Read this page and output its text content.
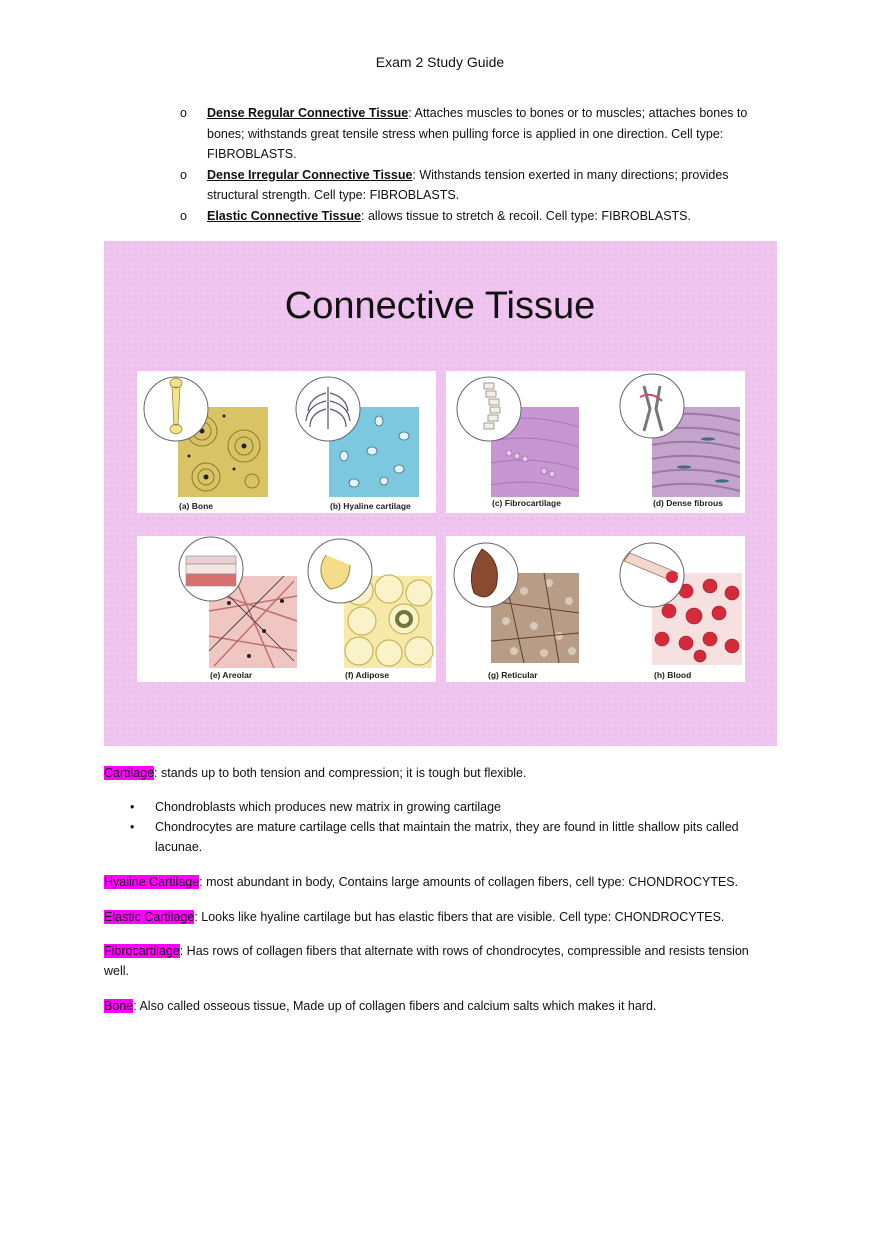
Exam 2 Study Guide
o Dense Regular Connective Tissue: Attaches muscles to bones or to muscles; attaches bones to bones; withstands great tensile stress when pulling force is applied in one direction. Cell type: FIBROBLASTS.
o Dense Irregular Connective Tissue: Withstands tension exerted in many directions; provides structural strength. Cell type: FIBROBLASTS.
o Elastic Connective Tissue: allows tissue to stretch & recoil. Cell type: FIBROBLASTS.
Connective Tissue
(a) Bone	(b) Hyaline cartilage	(c) Fibrocartilage	(d) Dense fibrous
(e) Areolar	(f) Adipose	(g) Reticular	(h) Blood
Cartilage: stands up to both tension and compression; it is tough but flexible.
• Chondroblasts which produces new matrix in growing cartilage
• Chondrocytes are mature cartilage cells that maintain the matrix, they are found in little shallow pits called lacunae.
Hyaline Cartilage: most abundant in body, Contains large amounts of collagen fibers, cell type: CHONDROCYTES.
Elastic Cartilage: Looks like hyaline cartilage but has elastic fibers that are visible. Cell type: CHONDROCYTES.
Fibrocartilage: Has rows of collagen fibers that alternate with rows of chondrocytes, compressible and resists tension well.
Bone: Also called osseous tissue, Made up of collagen fibers and calcium salts which makes it hard.
